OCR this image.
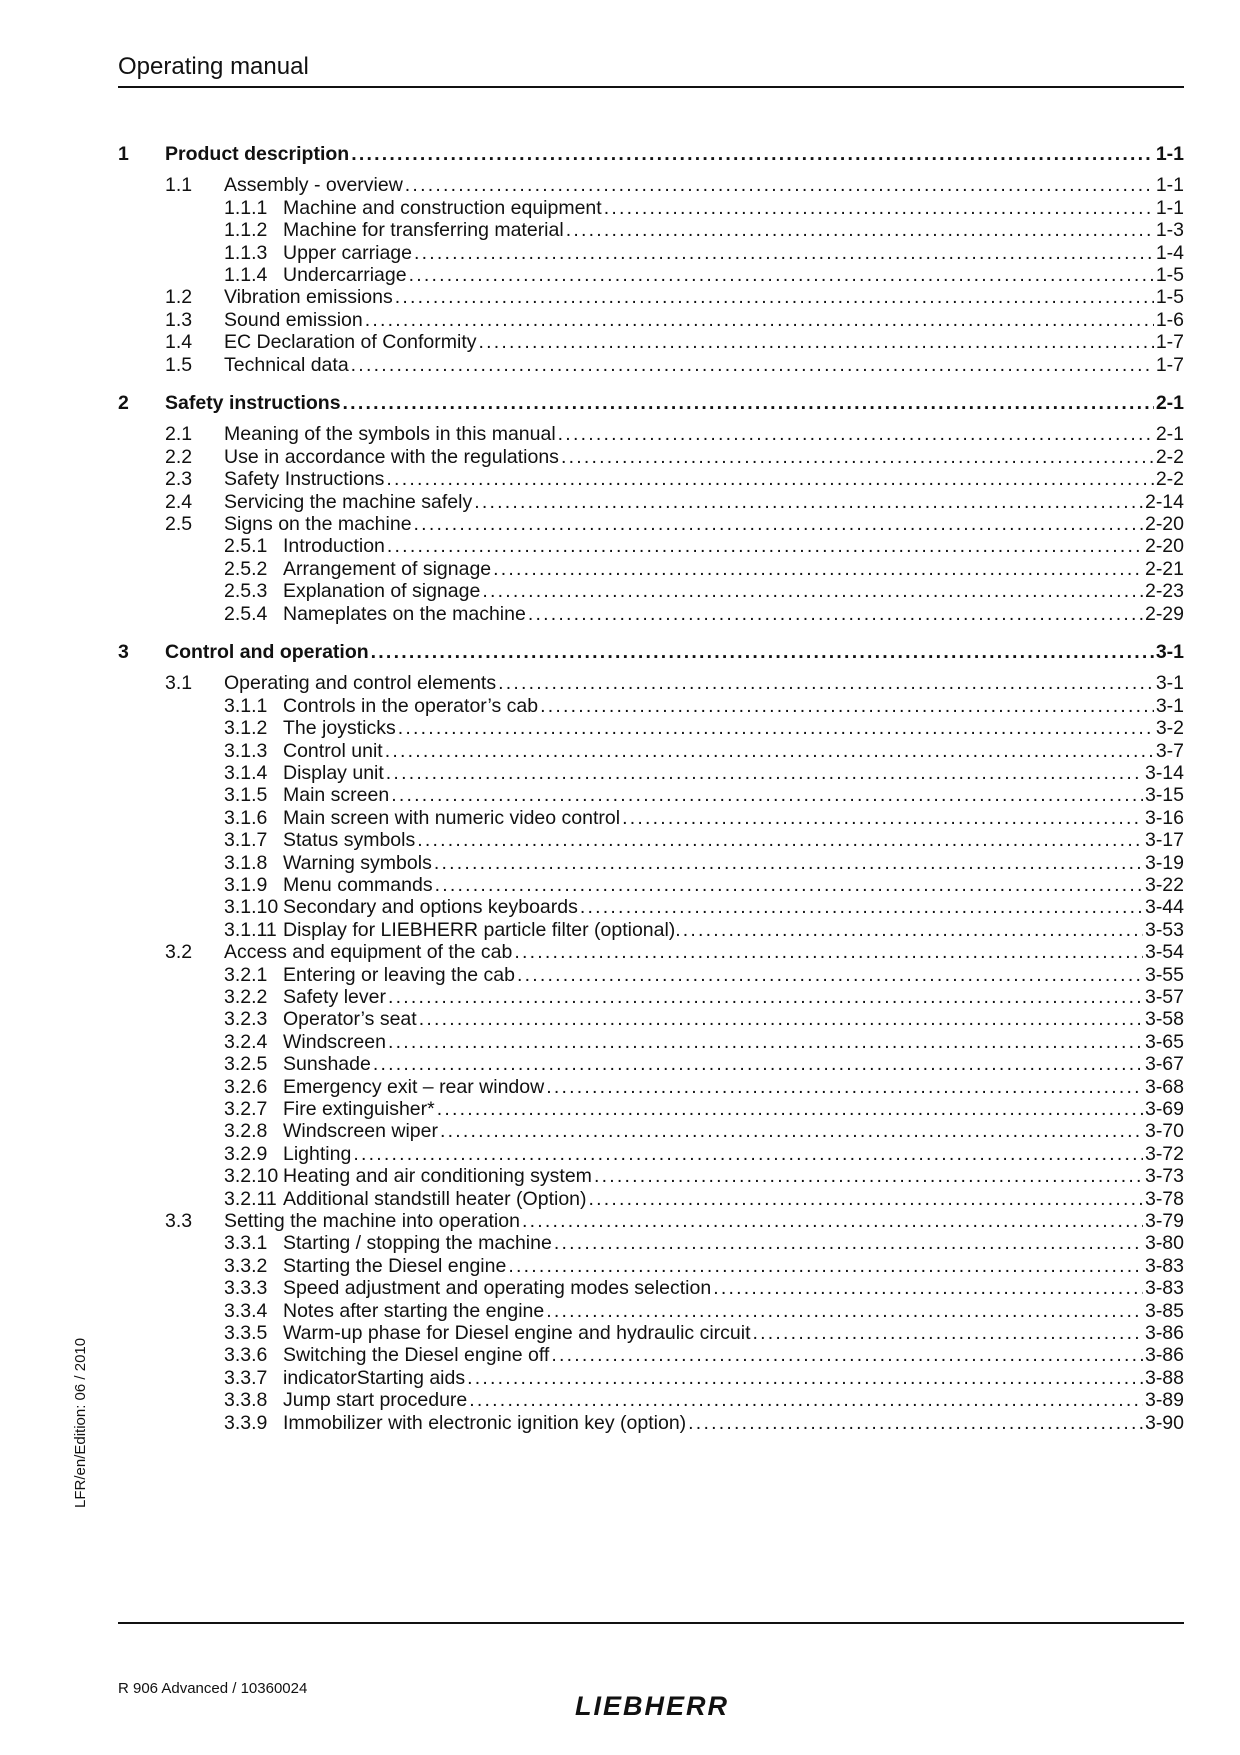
Operating manual
1	Product description . . .	1-1
1.1	Assembly - overview . . .	1-1
1.1.1 Machine and construction equipment . . .	1-1
1.1.2 Machine for transferring material . . .	1-3
1.1.3 Upper carriage . . .	1-4
1.1.4 Undercarriage . . .	1-5
1.2	Vibration emissions . . .	1-5
1.3	Sound emission . . .	1-6
1.4	EC Declaration of Conformity . . .	1-7
1.5	Technical data . . .	1-7
2	Safety instructions . . .	2-1
2.1	Meaning of the symbols in this manual . . .	2-1
2.2	Use in accordance with the regulations . . .	2-2
2.3	Safety Instructions . . .	2-2
2.4	Servicing the machine safely . . .	2-14
2.5	Signs on the machine . . .	2-20
2.5.1 Introduction . . .	2-20
2.5.2 Arrangement of signage . . .	2-21
2.5.3 Explanation of signage . . .	2-23
2.5.4 Nameplates on the machine . . .	2-29
3	Control and operation . . .	3-1
3.1	Operating and control elements . . .	3-1
3.1.1 Controls in the operator’s cab . . .	3-1
3.1.2 The joysticks . . .	3-2
3.1.3 Control unit . . .	3-7
3.1.4 Display unit . . .	3-14
3.1.5 Main screen . . .	3-15
3.1.6 Main screen with numeric video control . . .	3-16
3.1.7 Status symbols . . .	3-17
3.1.8 Warning symbols . . .	3-19
3.1.9 Menu commands . . .	3-22
3.1.10 Secondary and options keyboards . . .	3-44
3.1.11 Display for LIEBHERR particle filter (optional). . . .	3-53
3.2	Access and equipment of the cab . . .	3-54
3.2.1 Entering or leaving the cab . . .	3-55
3.2.2 Safety lever . . .	3-57
3.2.3 Operator’s seat . . .	3-58
3.2.4 Windscreen . . .	3-65
3.2.5 Sunshade . . .	3-67
3.2.6 Emergency exit – rear window . . .	3-68
3.2.7 Fire extinguisher* . . .	3-69
3.2.8 Windscreen wiper . . .	3-70
3.2.9 Lighting . . .	3-72
3.2.10 Heating and air conditioning system . . .	3-73
3.2.11 Additional standstill heater (Option) . . .	3-78
3.3	Setting the machine into operation . . .	3-79
3.3.1 Starting / stopping the machine . . .	3-80
3.3.2 Starting the Diesel engine . . .	3-83
3.3.3 Speed adjustment and operating modes selection . . .	3-83
3.3.4 Notes after starting the engine . . .	3-85
3.3.5 Warm-up phase for Diesel engine and hydraulic circuit . . .	3-86
3.3.6 Switching the Diesel engine off . . .	3-86
3.3.7 indicatorStarting aids . . .	3-88
3.3.8 Jump start procedure . . .	3-89
3.3.9 Immobilizer with electronic ignition key (option) . . .	3-90
LFR/en/Edition: 06 / 2010
R 906 Advanced / 10360024
LIEBHERR
